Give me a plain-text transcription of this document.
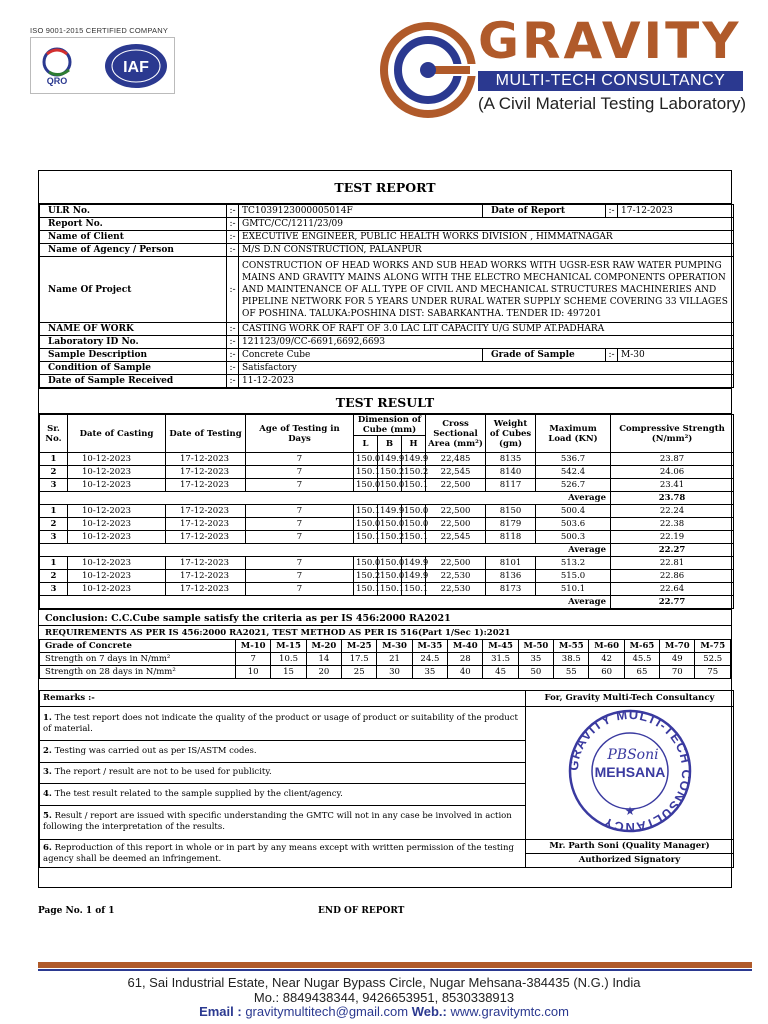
ISO 9001-2015 CERTIFIED COMPANY
QRO
IAF	GRAVITY
MULTI-TECH CONSULTANCY
(A Civil Material Testing Laboratory)
TEST REPORT
ULR No.	:-	TC1039123000005014F	Date of Report	:-	17-12-2023
Report No.	:-	GMTC/CC/1211/23/09			
Name of Client	:-	EXECUTIVE ENGINEER, PUBLIC HEALTH WORKS DIVISION , HIMMATNAGAR			
Name of Agency / Person	:-	M/S D.N CONSTRUCTION, PALANPUR			
Name Of Project	:-	CONSTRUCTION OF HEAD WORKS AND SUB HEAD WORKS WITH UGSR-ESR RAW WATER PUMPING MAINS AND GRAVITY MAINS ALONG WITH THE ELECTRO MECHANICAL COMPONENTS OPERATION AND MAINTENANCE OF ALL TYPE OF CIVIL AND MECHANICAL STRUCTURES MACHINERIES AND PIPELINE NETWORK FOR 5 YEARS UNDER RURAL WATER SUPPLY SCHEME COVERING 33 VILLAGES OF POSHINA. TALUKA:POSHINA DIST: SABARKANTHA. TENDER ID: 497201			
NAME OF WORK	:-	CASTING WORK OF RAFT OF 3.0 LAC LIT CAPACITY U/G SUMP AT.PADHARA			
Laboratory ID No.	:-	121123/09/CC-6691,6692,6693			
Sample Description	:-	Concrete Cube	Grade of Sample	:-	M-30
Condition of Sample	:-	Satisfactory			
Date of Sample Received	:-	11-12-2023			
TEST RESULT
Sr. No.	Date of Casting	Date of Testing	Age of Testing in Days	Dimension of Cube (mm)			Cross Sectional Area (mm²)	Weight of Cubes (gm)	Maximum Load (KN)	Compressive Strength (N/mm²)
				L	B	H				
1	10-12-2023	17-12-2023	7	150.0	149.9	149.9	22,485	8135	536.7	23.87
2	10-12-2023	17-12-2023	7	150.1	150.2	150.2	22,545	8140	542.4	24.06
3	10-12-2023	17-12-2023	7	150.0	150.0	150.1	22,500	8117	526.7	23.41
Average										23.78
1	10-12-2023	17-12-2023	7	150.1	149.9	150.0	22,500	8150	500.4	22.24
2	10-12-2023	17-12-2023	7	150.0	150.0	150.0	22,500	8179	503.6	22.38
3	10-12-2023	17-12-2023	7	150.1	150.2	150.1	22,545	8118	500.3	22.19
Average										22.27
1	10-12-2023	17-12-2023	7	150.0	150.0	149.9	22,500	8101	513.2	22.81
2	10-12-2023	17-12-2023	7	150.2	150.0	149.9	22,530	8136	515.0	22.86
3	10-12-2023	17-12-2023	7	150.1	150.1	150.1	22,530	8173	510.1	22.64
Average										22.77
Conclusion: C.C.Cube sample satisfy the criteria as per IS 456:2000 RA2021
REQUIREMENTS AS PER IS 456:2000 RA2021, TEST METHOD AS PER IS 516(Part 1/Sec 1):2021
Grade of Concrete	M-10	M-15	M-20	M-25	M-30	M-35	M-40	M-45	M-50	M-55	M-60	M-65	M-70	M-75
Strength on 7 days in N/mm²	7	10.5	14	17.5	21	24.5	28	31.5	35	38.5	42	45.5	49	52.5
Strength on 28 days in N/mm²	10	15	20	25	30	35	40	45	50	55	60	65	70	75
Remarks :-	For, Gravity Multi-Tech Consultancy
1. The test report does not indicate the quality of the product or usage of product or suitability of the product of material.	GRAVITY MULTI-TECH CONSULTANCY
MEHSANA
PBSoni
★

2. Testing was carried out as per IS/ASTM codes.	
3. The report / result are not to be used for publicity.	
4. The test result related to the sample supplied by the client/agency.	
5. Result / report are issued with specific understanding the GMTC will not in any case be involved in action following the interpretation of the results.	
6. Reproduction of this report in whole or in part by any means except with written permission of the testing agency shall be deemed an infringement.	Mr. Parth Soni (Quality Manager)
Authorized Signatory
Page No. 1 of 1	END OF REPORT
61, Sai Industrial Estate, Near Nugar Bypass Circle, Nugar Mehsana-384435 (N.G.) India
Mo.: 8849438344, 9426653951, 8530338913
Email : gravitymultitech@gmail.com Web.: www.gravitymtc.com
